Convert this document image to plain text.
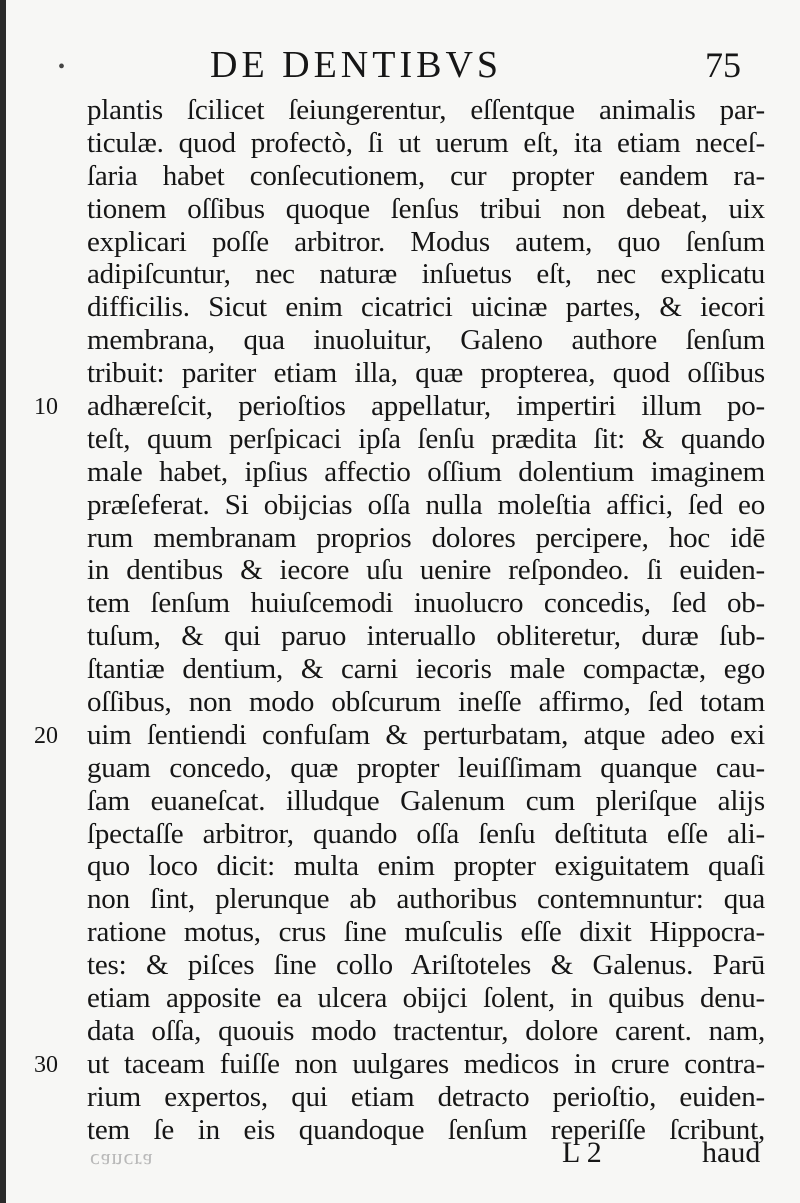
•	DE DENTIBVS	75
plantis ſcilicet ſeiungerentur, eſſentque animalis par-
ticulæ. quod profectò, ſi ut uerum eſt, ita etiam neceſ-
ſaria habet conſecutionem, cur propter eandem ra-
tionem oſſibus quoque ſenſus tribui non debeat, uix
explicari poſſe arbitror. Modus autem, quo ſenſum
adipiſcuntur, nec naturæ inſuetus eſt, nec explicatu
difficilis. Sicut enim cicatrici uicinæ partes, & iecori
membrana, qua inuoluitur, Galeno authore ſenſum
tribuit: pariter etiam illa, quæ propterea, quod oſſibus
10 adhæreſcit, perioſtios appellatur, impertiri illum po-
teſt, quum perſpicaci ipſa ſenſu prædita ſit: & quando
male habet, ipſius affectio oſſium dolentium imaginem
præſeferat. Si obijcias oſſa nulla moleſtia affici, ſed eo
rum membranam proprios dolores percipere, hoc idē
in dentibus & iecore uſu uenire reſpondeo. ſi euiden-
tem ſenſum huiuſcemodi inuolucro concedis, ſed ob-
tuſum, & qui paruo interuallo obliteretur, duræ ſub-
ſtantiæ dentium, & carni iecoris male compactæ, ego
oſſibus, non modo obſcurum ineſſe affirmo, ſed totam
20 uim ſentiendi confuſam & perturbatam, atque adeo exi
guam concedo, quæ propter leuiſſimam quanque cau-
ſam euaneſcat. illudque Galenum cum pleriſque alijs
ſpectaſſe arbitror, quando oſſa ſenſu deſtituta eſſe ali-
quo loco dicit: multa enim propter exiguitatem quaſi
non ſint, plerunque ab authoribus contemnuntur: qua
ratione motus, crus ſine muſculis eſſe dixit Hippocra-
tes: & piſces ſine collo Ariſtoteles & Galenus. Parū
etiam apposite ea ulcera obijci ſolent, in quibus denu-
data oſſa, quouis modo tractentur, dolore carent. nam,
30 ut taceam fuiſſe non uulgares medicos in crure contra-
rium expertos, qui etiam detracto perioſtio, euiden-
tem ſe in eis quandoque ſenſum reperiſſe ſcribunt,
cancra	L 2	haud
